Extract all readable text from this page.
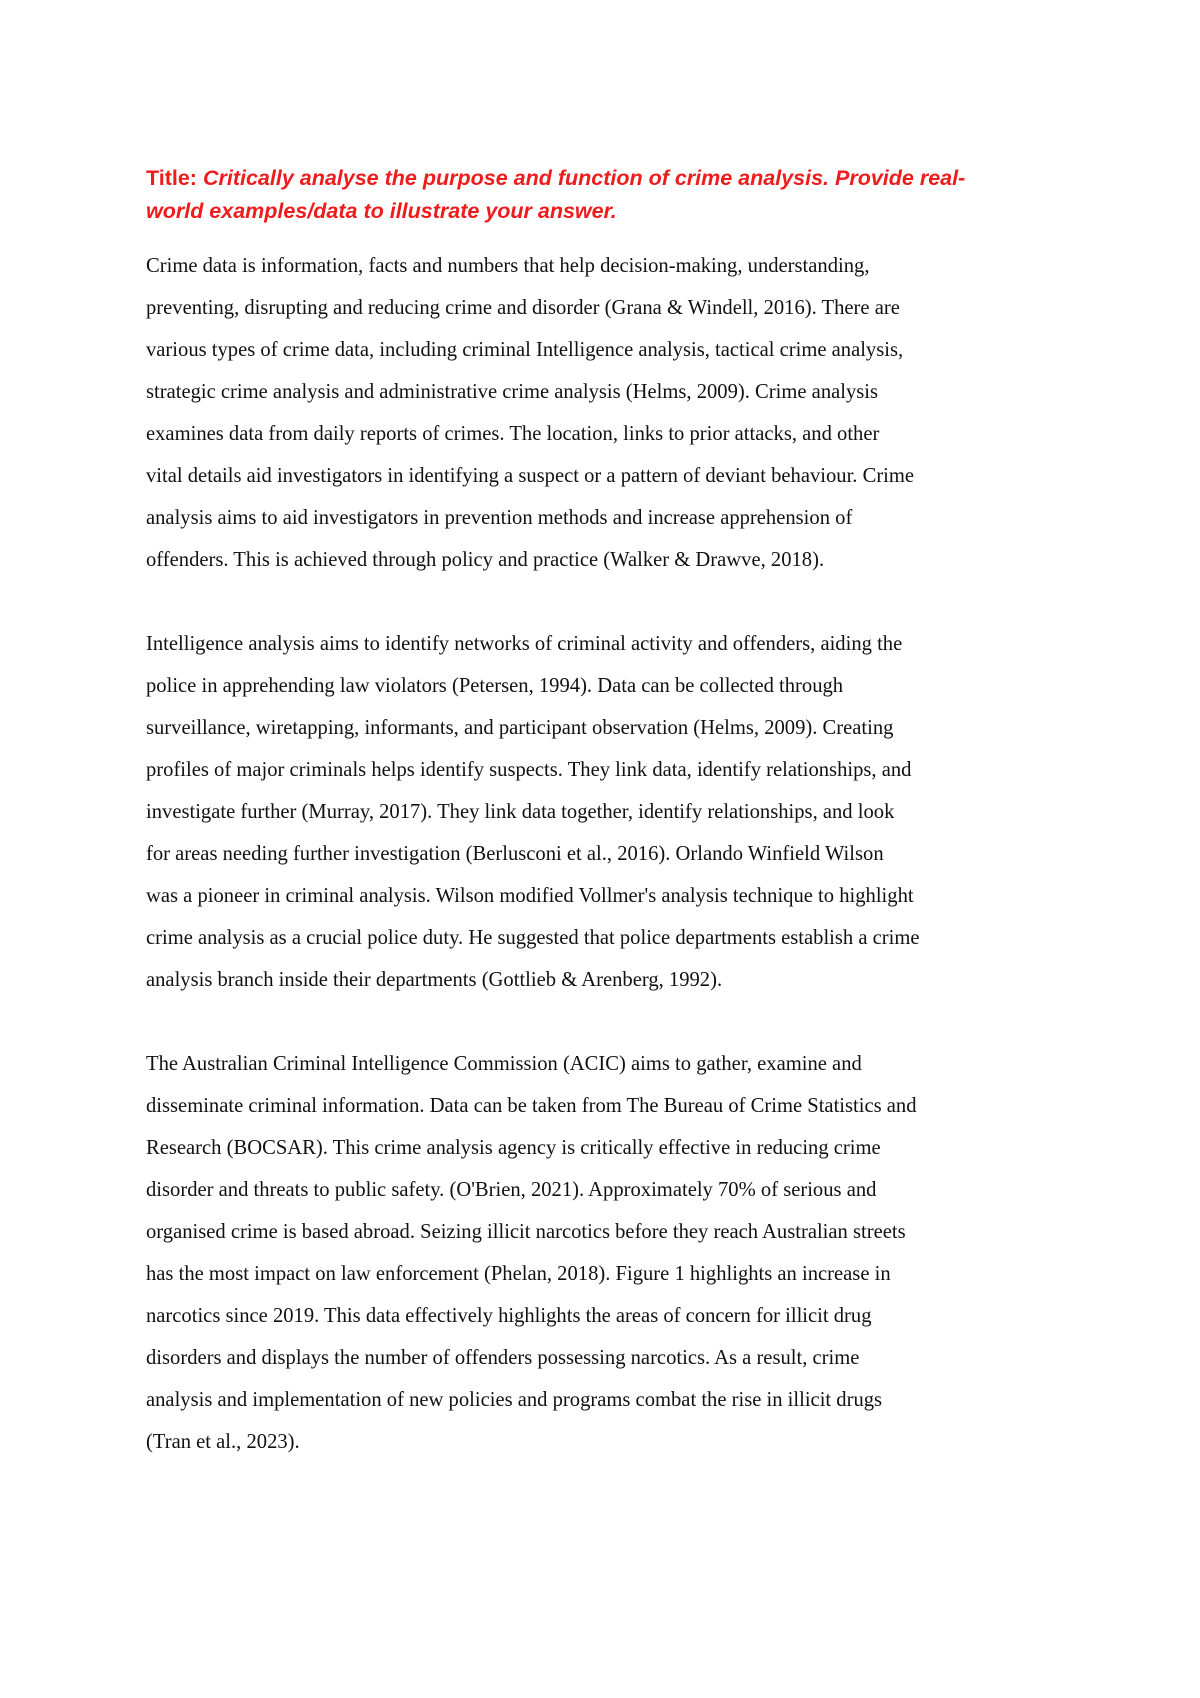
Title: Critically analyse the purpose and function of crime analysis. Provide real-
world examples/data to illustrate your answer.

Crime data is information, facts and numbers that help decision-making, understanding,
preventing, disrupting and reducing crime and disorder (Grana & Windell, 2016). There are
various types of crime data, including criminal Intelligence analysis, tactical crime analysis,
strategic crime analysis and administrative crime analysis (Helms, 2009). Crime analysis
examines data from daily reports of crimes. The location, links to prior attacks, and other
vital details aid investigators in identifying a suspect or a pattern of deviant behaviour. Crime
analysis aims to aid investigators in prevention methods and increase apprehension of
offenders. This is achieved through policy and practice (Walker & Drawve, 2018).

Intelligence analysis aims to identify networks of criminal activity and offenders, aiding the
police in apprehending law violators (Petersen, 1994). Data can be collected through
surveillance, wiretapping, informants, and participant observation (Helms, 2009). Creating
profiles of major criminals helps identify suspects. They link data, identify relationships, and
investigate further (Murray, 2017). They link data together, identify relationships, and look
for areas needing further investigation (Berlusconi et al., 2016). Orlando Winfield Wilson
was a pioneer in criminal analysis. Wilson modified Vollmer's analysis technique to highlight
crime analysis as a crucial police duty. He suggested that police departments establish a crime
analysis branch inside their departments (Gottlieb & Arenberg, 1992).

The Australian Criminal Intelligence Commission (ACIC) aims to gather, examine and
disseminate criminal information. Data can be taken from The Bureau of Crime Statistics and
Research (BOCSAR). This crime analysis agency is critically effective in reducing crime
disorder and threats to public safety. (O'Brien, 2021). Approximately 70% of serious and
organised crime is based abroad. Seizing illicit narcotics before they reach Australian streets
has the most impact on law enforcement (Phelan, 2018). Figure 1 highlights an increase in
narcotics since 2019. This data effectively highlights the areas of concern for illicit drug
disorders and displays the number of offenders possessing narcotics. As a result, crime
analysis and implementation of new policies and programs combat the rise in illicit drugs
(Tran et al., 2023).
